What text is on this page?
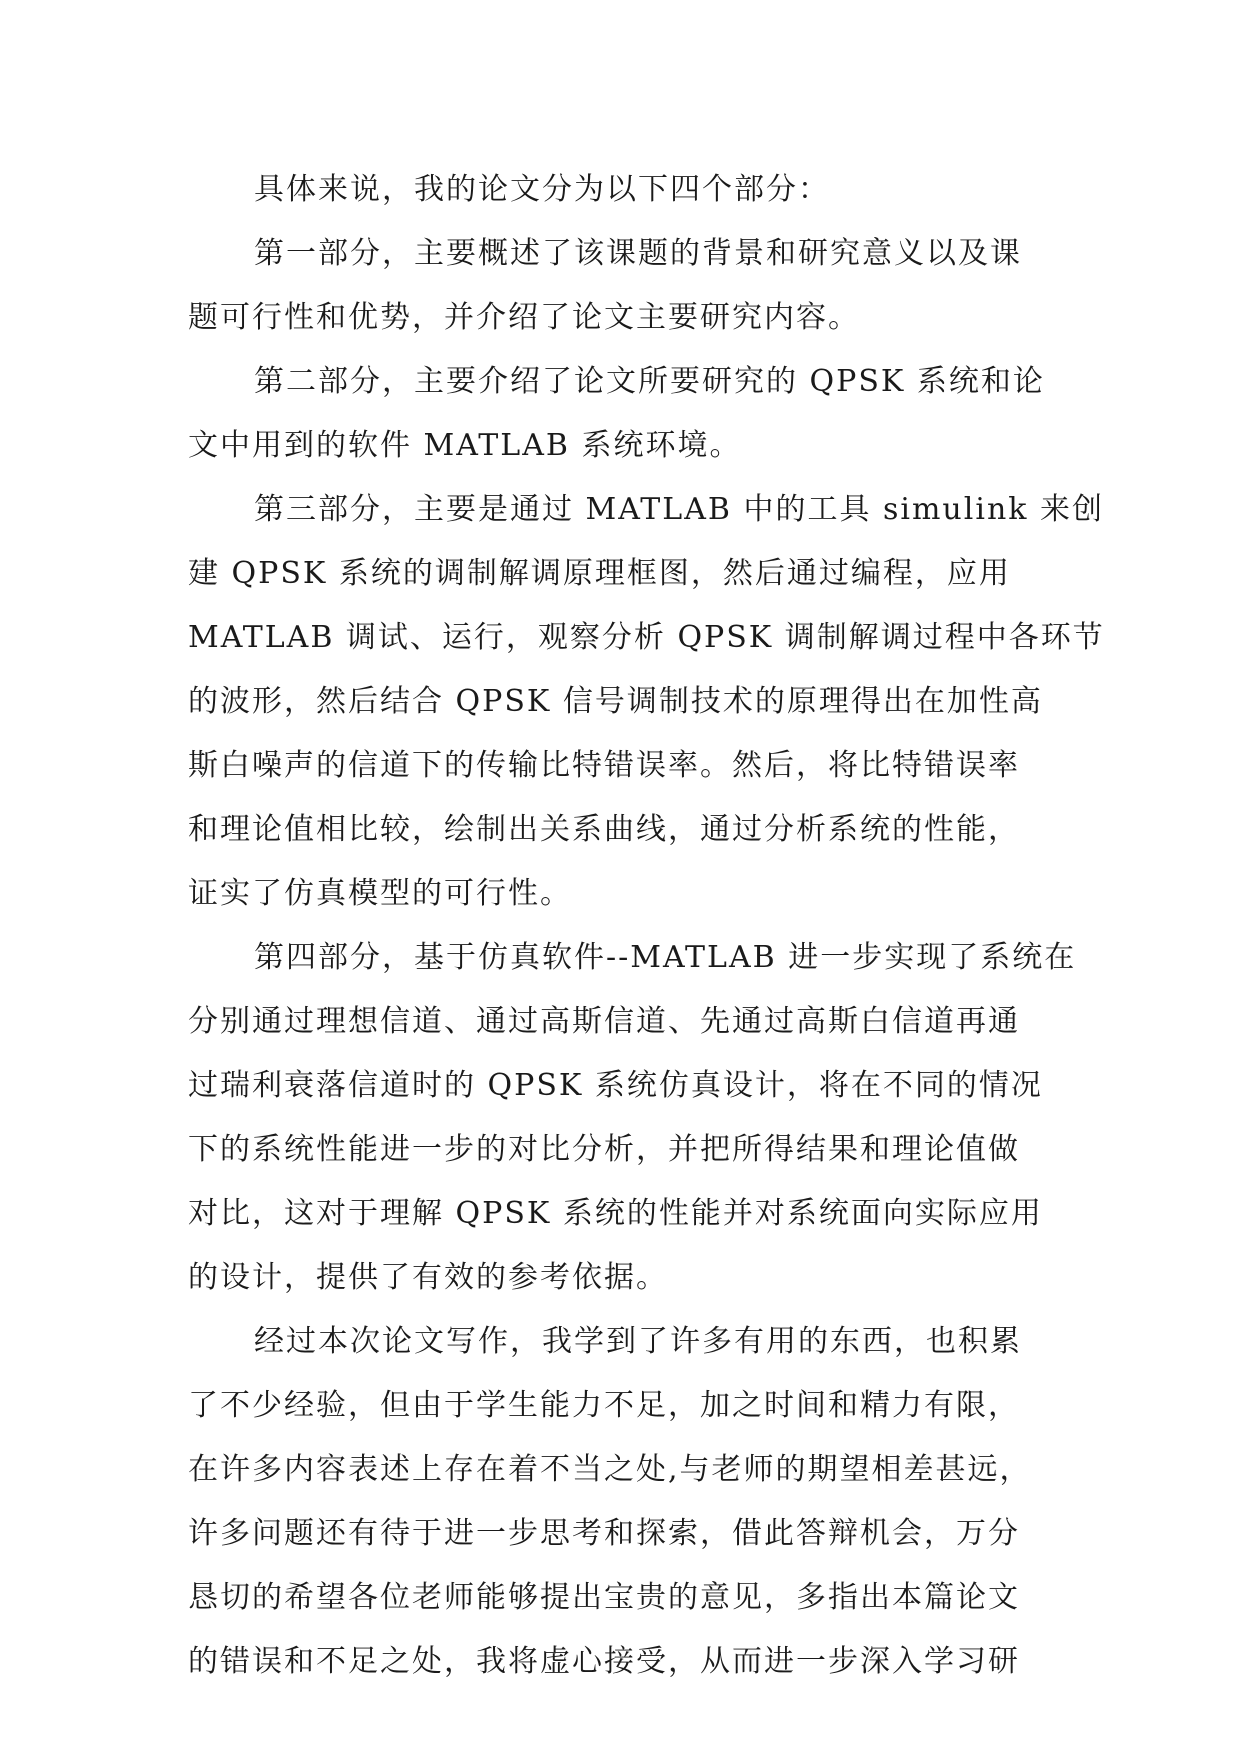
具体来说，我的论文分为以下四个部分：
第一部分，主要概述了该课题的背景和研究意义以及课
题可行性和优势，并介绍了论文主要研究内容。
第二部分，主要介绍了论文所要研究的 QPSK 系统和论
文中用到的软件 MATLAB 系统环境。
第三部分，主要是通过 MATLAB 中的工具 simulink 来创
建 QPSK 系统的调制解调原理框图，然后通过编程，应用
MATLAB 调试、运行，观察分析 QPSK 调制解调过程中各环节
的波形，然后结合 QPSK 信号调制技术的原理得出在加性高
斯白噪声的信道下的传输比特错误率。然后，将比特错误率
和理论值相比较，绘制出关系曲线，通过分析系统的性能，
证实了仿真模型的可行性。
第四部分，基于仿真软件--MATLAB 进一步实现了系统在
分别通过理想信道、通过高斯信道、先通过高斯白信道再通
过瑞利衰落信道时的 QPSK 系统仿真设计，将在不同的情况
下的系统性能进一步的对比分析，并把所得结果和理论值做
对比，这对于理解 QPSK 系统的性能并对系统面向实际应用
的设计，提供了有效的参考依据。
经过本次论文写作，我学到了许多有用的东西，也积累
了不少经验，但由于学生能力不足，加之时间和精力有限，
在许多内容表述上存在着不当之处,与老师的期望相差甚远，
许多问题还有待于进一步思考和探索，借此答辩机会，万分
恳切的希望各位老师能够提出宝贵的意见，多指出本篇论文
的错误和不足之处，我将虚心接受，从而进一步深入学习研
